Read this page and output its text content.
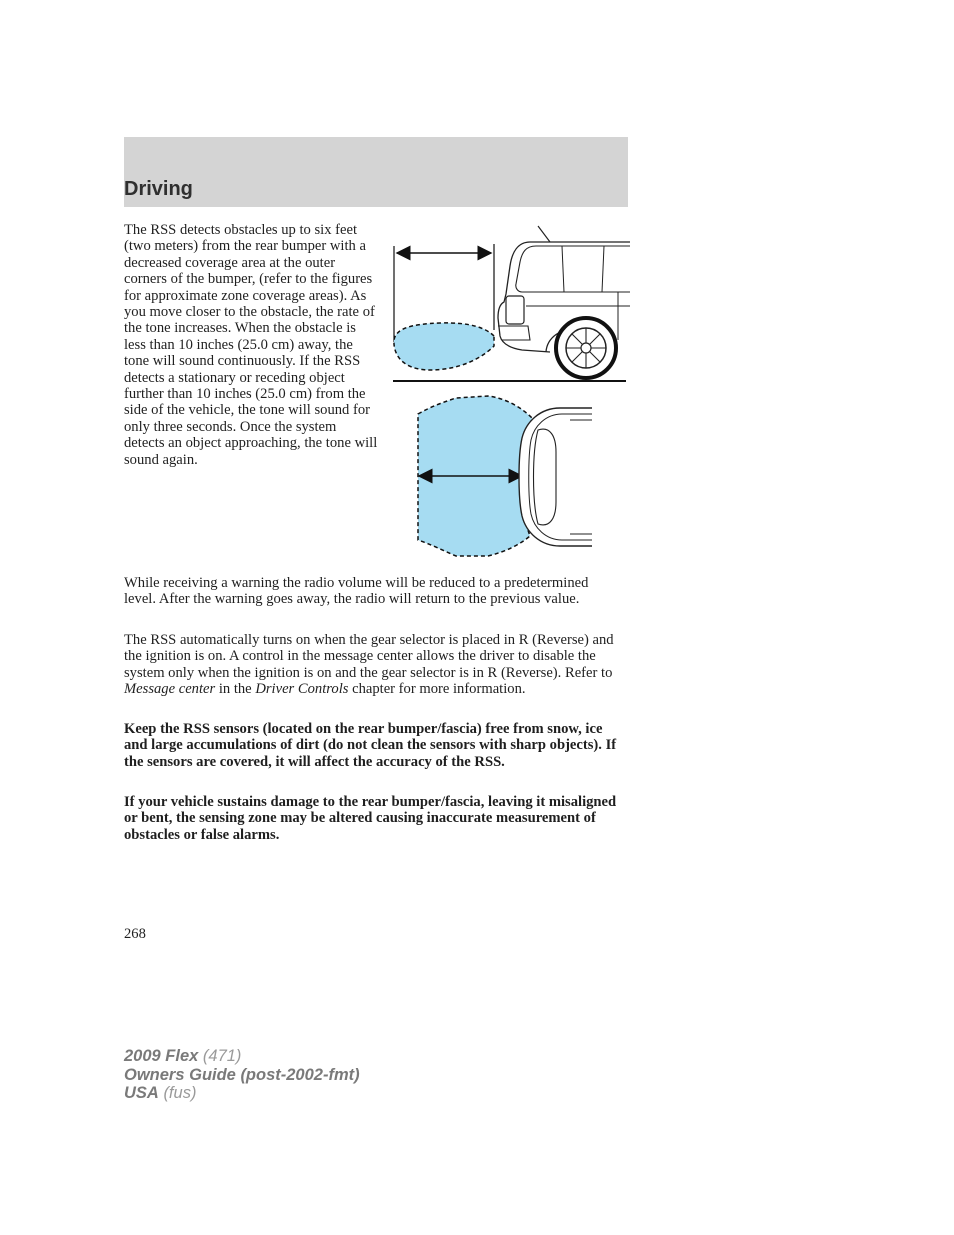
Driving

The RSS detects obstacles up to six feet (two meters) from the rear bumper with a decreased coverage area at the outer corners of the bumper, (refer to the figures for approximate zone coverage areas). As you move closer to the obstacle, the rate of the tone increases. When the obstacle is less than 10 inches (25.0 cm) away, the tone will sound continuously. If the RSS detects a stationary or receding object further than 10 inches (25.0 cm) from the side of the vehicle, the tone will sound for only three seconds. Once the system detects an object approaching, the tone will sound again.

While receiving a warning the radio volume will be reduced to a predetermined level. After the warning goes away, the radio will return to the previous value.

The RSS automatically turns on when the gear selector is placed in R (Reverse) and the ignition is on. A control in the message center allows the driver to disable the system only when the ignition is on and the gear selector is in R (Reverse). Refer to Message center in the Driver Controls chapter for more information.

Keep the RSS sensors (located on the rear bumper/fascia) free from snow, ice and large accumulations of dirt (do not clean the sensors with sharp objects). If the sensors are covered, it will affect the accuracy of the RSS.

If your vehicle sustains damage to the rear bumper/fascia, leaving it misaligned or bent, the sensing zone may be altered causing inaccurate measurement of obstacles or false alarms.

268
2009 Flex (471)
Owners Guide (post-2002-fmt)
USA (fus)
